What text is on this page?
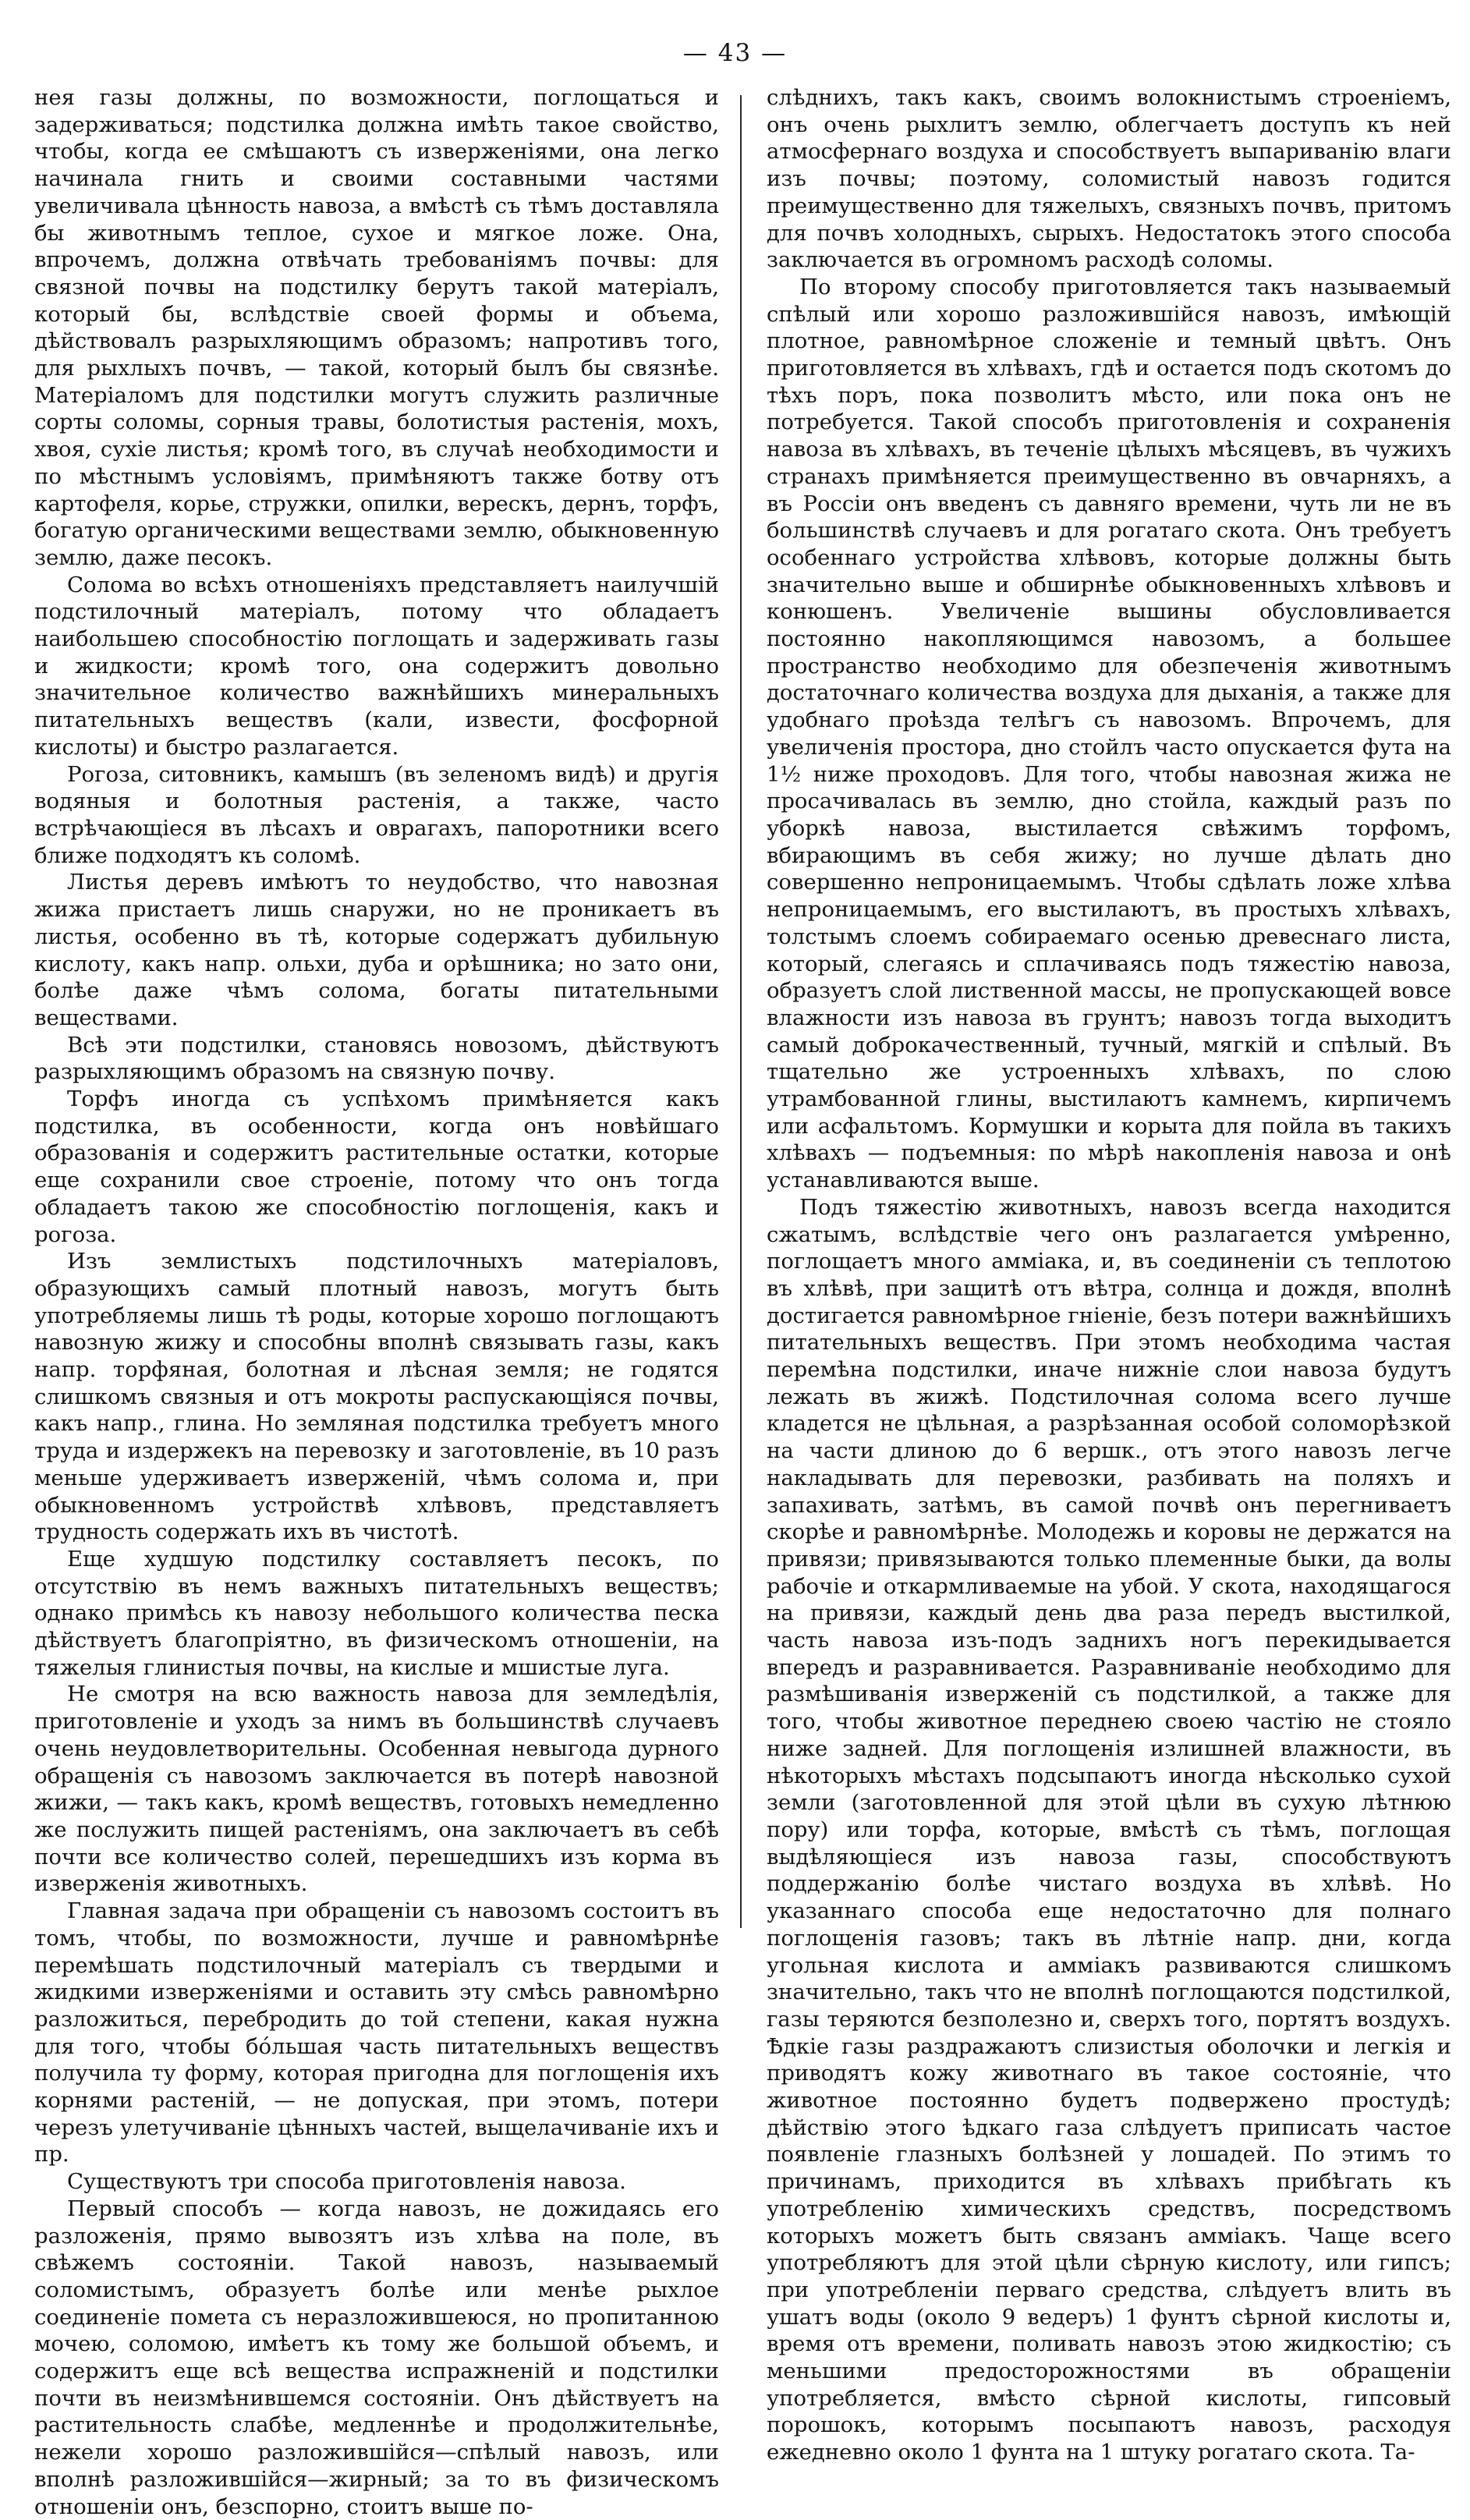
— 43 —

нея газы должны, по возможности, поглощаться и задерживаться; подстилка должна имѣть такое свойство, чтобы, когда ее смѣшаютъ съ изверженіями, она легко начинала гнить и своими составными частями увеличивала цѣнность навоза, а вмѣстѣ съ тѣмъ доставляла бы животнымъ теплое, сухое и мягкое ложе. Она, впрочемъ, должна отвѣчать требованіямъ почвы: для связной почвы на подстилку берутъ такой матеріалъ, который бы, вслѣдствіе своей формы и объема, дѣйствовалъ разрыхляющимъ образомъ; напротивъ того, для рыхлыхъ почвъ, — такой, который былъ бы связнѣе. Матеріаломъ для подстилки могутъ служить различные сорты соломы, сорныя травы, болотистыя растенія, мохъ, хвоя, сухіе листья; кромѣ того, въ случаѣ необходимости и по мѣстнымъ условіямъ, примѣняютъ также ботву отъ картофеля, корье, стружки, опилки, верескъ, дернъ, торфъ, богатую органическими веществами землю, обыкновенную землю, даже песокъ.

Солома во всѣхъ отношеніяхъ представляетъ наилучшій подстилочный матеріалъ, потому что обладаетъ наибольшею способностію поглощать и задерживать газы и жидкости; кромѣ того, она содержитъ довольно значительное количество важнѣйшихъ минеральныхъ питательныхъ веществъ (кали, извести, фосфорной кислоты) и быстро разлагается.

Рогоза, ситовникъ, камышъ (въ зеленомъ видѣ) и другія водяныя и болотныя растенія, а также, часто встрѣчающіеся въ лѣсахъ и оврагахъ, папоротники всего ближе подходятъ къ соломѣ.

Листья деревъ имѣютъ то неудобство, что навозная жижа пристаетъ лишь снаружи, но не проникаетъ въ листья, особенно въ тѣ, которые содержатъ дубильную кислоту, какъ напр. ольхи, дуба и орѣшника; но зато они, болѣе даже чѣмъ солома, богаты питательными веществами.

Всѣ эти подстилки, становясь новозомъ, дѣйствуютъ разрыхляющимъ образомъ на связную почву.

Торфъ иногда съ успѣхомъ примѣняется какъ подстилка, въ особенности, когда онъ новѣйшаго образованія и содержитъ растительные остатки, которые еще сохранили свое строеніе, потому что онъ тогда обладаетъ такою же способностію поглощенія, какъ и рогоза.

Изъ землистыхъ подстилочныхъ матеріаловъ, образующихъ самый плотный навозъ, могутъ быть употребляемы лишь тѣ роды, которые хорошо поглощаютъ навозную жижу и способны вполнѣ связывать газы, какъ напр. торфяная, болотная и лѣсная земля; не годятся слишкомъ связныя и отъ мокроты распускающіяся почвы, какъ напр., глина. Но земляная подстилка требуетъ много труда и издержекъ на перевозку и заготовленіе, въ 10 разъ меньше удерживаетъ изверженій, чѣмъ солома и, при обыкновенномъ устройствѣ хлѣвовъ, представляетъ трудность содержать ихъ въ чистотѣ.

Еще худшую подстилку составляетъ песокъ, по отсутствію въ немъ важныхъ питательныхъ веществъ; однако примѣсь къ навозу небольшого количества песка дѣйствуетъ благопріятно, въ физическомъ отношеніи, на тяжелыя глинистыя почвы, на кислые и мшистые луга.

Не смотря на всю важность навоза для земледѣлія, приготовленіе и уходъ за нимъ въ большинствѣ случаевъ очень неудовлетворительны. Особенная невыгода дурного обращенія съ навозомъ заключается въ потерѣ навозной жижи, — такъ какъ, кромѣ веществъ, готовыхъ немедленно же послужить пищей растеніямъ, она заключаетъ въ себѣ почти все количество солей, перешедшихъ изъ корма въ изверженія животныхъ.

Главная задача при обращеніи съ навозомъ состоитъ въ томъ, чтобы, по возможности, лучше и равномѣрнѣе перемѣшать подстилочный матеріалъ съ твердыми и жидкими изверженіями и оставить эту смѣсь равномѣрно разложиться, перебродить до той степени, какая нужна для того, чтобы бо́льшая часть питательныхъ веществъ получила ту форму, которая пригодна для поглощенія ихъ корнями растеній, — не допуская, при этомъ, потери черезъ улетучиваніе цѣнныхъ частей, выщелачиваніе ихъ и пр.

Существуютъ три способа приготовленія навоза.

Первый способъ — когда навозъ, не дожидаясь его разложенія, прямо вывозятъ изъ хлѣва на поле, въ свѣжемъ состояніи. Такой навозъ, называемый соломистымъ, образуетъ болѣе или менѣе рыхлое соединеніе помета съ неразложившеюся, но пропитанною мочею, соломою, имѣетъ къ тому же большой объемъ, и содержитъ еще всѣ вещества испражненій и подстилки почти въ неизмѣнившемся состояніи. Онъ дѣйствуетъ на растительность слабѣе, медленнѣе и продолжительнѣе, нежели хорошо разложившійся—спѣлый навозъ, или вполнѣ разложившійся—жирный; за то въ физическомъ отношеніи онъ, безспорно, стоитъ выше по-

слѣднихъ, такъ какъ, своимъ волокнистымъ строеніемъ, онъ очень рыхлитъ землю, облегчаетъ доступъ къ ней атмосфернаго воздуха и способствуетъ выпариванію влаги изъ почвы; поэтому, соломистый навозъ годится преимущественно для тяжелыхъ, связныхъ почвъ, притомъ для почвъ холодныхъ, сырыхъ. Недостатокъ этого способа заключается въ огромномъ расходѣ соломы.

По второму способу приготовляется такъ называемый спѣлый или хорошо разложившійся навозъ, имѣющій плотное, равномѣрное сложеніе и темный цвѣтъ. Онъ приготовляется въ хлѣвахъ, гдѣ и остается подъ скотомъ до тѣхъ поръ, пока позволитъ мѣсто, или пока онъ не потребуется. Такой способъ приготовленія и сохраненія навоза въ хлѣвахъ, въ теченіе цѣлыхъ мѣсяцевъ, въ чужихъ странахъ примѣняется преимущественно въ овчарняхъ, а въ Россіи онъ введенъ съ давняго времени, чуть ли не въ большинствѣ случаевъ и для рогатаго скота. Онъ требуетъ особеннаго устройства хлѣвовъ, которые должны быть значительно выше и обширнѣе обыкновенныхъ хлѣвовъ и конюшенъ. Увеличеніе вышины обусловливается постоянно накопляющимся навозомъ, а большее пространство необходимо для обезпеченія животнымъ достаточнаго количества воздуха для дыханія, а также для удобнаго проѣзда телѣгъ съ навозомъ. Впрочемъ, для увеличенія простора, дно стойлъ часто опускается фута на 1½ ниже проходовъ. Для того, чтобы навозная жижа не просачивалась въ землю, дно стойла, каждый разъ по уборкѣ навоза, выстилается свѣжимъ торфомъ, вбирающимъ въ себя жижу; но лучше дѣлать дно совершенно непроницаемымъ. Чтобы сдѣлать ложе хлѣва непроницаемымъ, его выстилаютъ, въ простыхъ хлѣвахъ, толстымъ слоемъ собираемаго осенью древеснаго листа, который, слегаясь и сплачиваясь подъ тяжестію навоза, образуетъ слой лиственной массы, не пропускающей вовсе влажности изъ навоза въ грунтъ; навозъ тогда выходитъ самый доброкачественный, тучный, мягкій и спѣлый. Въ тщательно же устроенныхъ хлѣвахъ, по слою утрамбованной глины, выстилаютъ камнемъ, кирпичемъ или асфальтомъ. Кормушки и корыта для пойла въ такихъ хлѣвахъ — подъемныя: по мѣрѣ накопленія навоза и онѣ устанавливаются выше.

Подъ тяжестію животныхъ, навозъ всегда находится сжатымъ, вслѣдствіе чего онъ разлагается умѣренно, поглощаетъ много аммiака, и, въ соединеніи съ теплотою въ хлѣвѣ, при защитѣ отъ вѣтра, солнца и дождя, вполнѣ достигается равномѣрное гніеніе, безъ потери важнѣйшихъ питательныхъ веществъ. При этомъ необходима частая перемѣна подстилки, иначе нижніе слои навоза будутъ лежать въ жижѣ. Подстилочная солома всего лучше кладется не цѣльная, а разрѣзанная особой соломорѣзкой на части длиною до 6 вершк., отъ этого навозъ легче накладывать для перевозки, разбивать на поляхъ и запахивать, затѣмъ, въ самой почвѣ онъ перегниваетъ скорѣе и равномѣрнѣе. Молодежь и коровы не держатся на привязи; привязываются только племенные быки, да волы рабочіе и откармливаемые на убой. У скота, находящагося на привязи, каждый день два раза передъ выстилкой, часть навоза изъ-подъ заднихъ ногъ перекидывается впередъ и разравнивается. Разравниваніе необходимо для размѣшиванія изверженій съ подстилкой, а также для того, чтобы животное переднею своею частію не стояло ниже задней. Для поглощенія излишней влажности, въ нѣкоторыхъ мѣстахъ подсыпаютъ иногда нѣсколько сухой земли (заготовленной для этой цѣли въ сухую лѣтнюю пору) или торфа, которые, вмѣстѣ съ тѣмъ, поглощая выдѣляющіеся изъ навоза газы, способствуютъ поддержанію болѣе чистаго воздуха въ хлѣвѣ. Но указаннаго способа еще недостаточно для полнаго поглощенія газовъ; такъ въ лѣтніе напр. дни, когда угольная кислота и аммiакъ развиваются слишкомъ значительно, такъ что не вполнѣ поглощаются подстилкой, газы теряются безполезно и, сверхъ того, портятъ воздухъ. Ѣдкіе газы раздражаютъ слизистыя оболочки и легкія и приводятъ кожу животнаго въ такое состояніе, что животное постоянно будетъ подвержено простудѣ; дѣйствію этого ѣдкаго газа слѣдуетъ приписать частое появленіе глазныхъ болѣзней у лошадей. По этимъ то причинамъ, приходится въ хлѣвахъ прибѣгать къ употребленію химическихъ средствъ, посредствомъ которыхъ можетъ быть связанъ аммiакъ. Чаще всего употребляютъ для этой цѣли сѣрную кислоту, или гипсъ; при употребленіи перваго средства, слѣдуетъ влить въ ушатъ воды (около 9 ведеръ) 1 фунтъ сѣрной кислоты и, время отъ времени, поливать навозъ этою жидкостію; съ меньшими предосторожностями въ обращеніи употребляется, вмѣсто сѣрной кислоты, гипсовый порошокъ, которымъ посыпаютъ навозъ, расходуя ежедневно около 1 фунта на 1 штуку рогатаго скота. Та-
